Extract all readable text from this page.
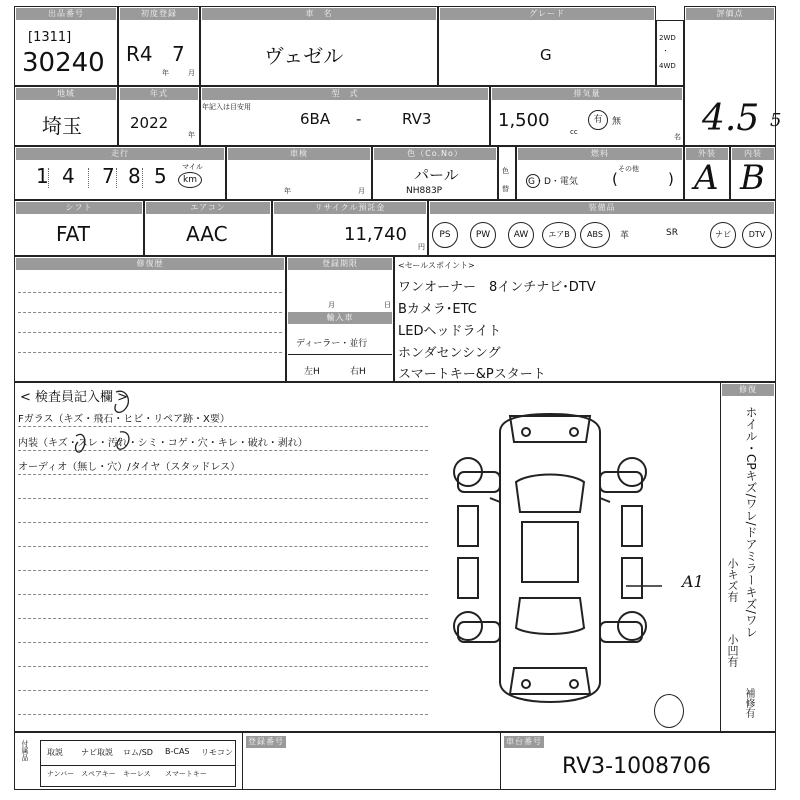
出品番号
[1311]
30240
初度登録
R4 7
年	月
車　名
ヴェゼル
グレード
G
2WD
・
4WD
評価点
地域
埼玉
年式
2022
年
型　式
年記入は目安用
6BA -	RV3
排気量
1,500
cc
有	無
名 4.5 5
走行
1 4 7 8 5 マイル
km
車検
年	月
色（Co.No）
パール
NH883P
色
替
燃料
G・D・電気
その他
(	)
外装
A
内装
B
シフト
FAT
エアコン
AAC
リサイクル預託金
11,740
円
装備品
PS	PW	AW	エアB	ABS	革	SR	ナビ	DTV
修復歴	登録期限
月	日
輸入車
ディーラー・並行
左H	右H
<セールスポイント>
ワンオーナー　8インチナビ･DTV
Bカメラ･ETC
LEDヘッドライト
ホンダセンシング
スマートキー&Pスタート
< 検査員記入欄 >
Fガラス（キズ・飛石・ヒビ・リペア跡・X要）
内装（キズ・スレ・汚れ・シミ・コゲ・穴・キレ・破れ・剥れ）
オーディオ（無し・穴）/タイヤ（スタッドレス）
A1
修復
ホイル・CPキズ/ワレ/ドアミラーキズ/ワレ
小キズ有
小凹有
補修有
付属品 取説 ナビ取説 ロム/SD B-CAS リモコン
ナンバー スペアキー キーレス スマートキー
登録番号	車台番号
RV3-1008706
